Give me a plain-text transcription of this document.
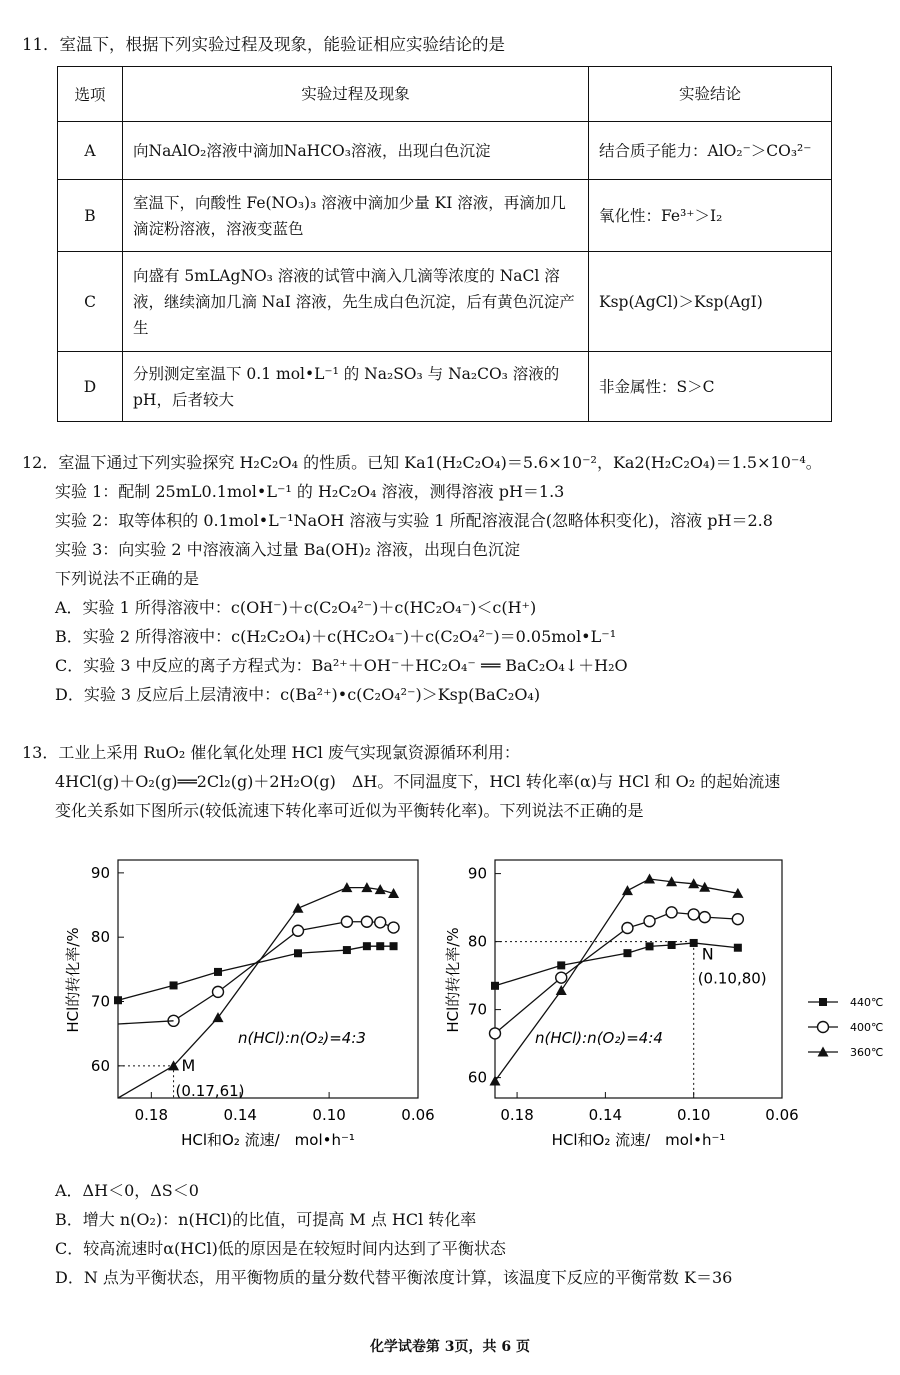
11．室温下，根据下列实验过程及现象，能验证相应实验结论的是
选项	实验过程及现象	实验结论
A	向NaAlO₂溶液中滴加NaHCO₃溶液，出现白色沉淀	结合质子能力：AlO₂⁻＞CO₃²⁻
B	室温下，向酸性 Fe(NO₃)₃ 溶液中滴加少量 KI 溶液，再滴加几滴淀粉溶液，溶液变蓝色	氧化性：Fe³⁺＞I₂
C	向盛有 5mLAgNO₃ 溶液的试管中滴入几滴等浓度的 NaCl 溶液，继续滴加几滴 NaI 溶液，先生成白色沉淀，后有黄色沉淀产生	Ksp(AgCl)＞Ksp(AgI)
D	分别测定室温下 0.1 mol•L⁻¹ 的 Na₂SO₃ 与 Na₂CO₃ 溶液的 pH，后者较大	非金属性：S＞C
12．室温下通过下列实验探究 H₂C₂O₄ 的性质。已知 Ka1(H₂C₂O₄)＝5.6×10⁻²，Ka2(H₂C₂O₄)＝1.5×10⁻⁴。
实验 1：配制 25mL0.1mol•L⁻¹ 的 H₂C₂O₄ 溶液，测得溶液 pH＝1.3
实验 2：取等体积的 0.1mol•L⁻¹NaOH 溶液与实验 1 所配溶液混合(忽略体积变化)，溶液 pH＝2.8
实验 3：向实验 2 中溶液滴入过量 Ba(OH)₂ 溶液，出现白色沉淀
下列说法不正确的是
A．实验 1 所得溶液中：c(OH⁻)＋c(C₂O₄²⁻)＋c(HC₂O₄⁻)＜c(H⁺)
B．实验 2 所得溶液中：c(H₂C₂O₄)＋c(HC₂O₄⁻)＋c(C₂O₄²⁻)＝0.05mol•L⁻¹
C．实验 3 中反应的离子方程式为：Ba²⁺＋OH⁻＋HC₂O₄⁻ ══ BaC₂O₄↓＋H₂O
D．实验 3 反应后上层清液中：c(Ba²⁺)•c(C₂O₄²⁻)＞Ksp(BaC₂O₄)
13．工业上采用 RuO₂ 催化氧化处理 HCl 废气实现氯资源循环利用：
4HCl(g)＋O₂(g)══2Cl₂(g)＋2H₂O(g)　ΔH。不同温度下，HCl 转化率(α)与 HCl 和 O₂ 的起始流速
变化关系如下图所示(较低流速下转化率可近似为平衡转化率)。下列说法不正确的是
60
70
80
90
0.18	0.14	0.10	0.06
HCl的转化率/%
HCl和O₂ 流速/　mol•h⁻¹
n(HCl):n(O₂)=4:3
M
(0.17,61)
60
70
80
90
0.18	0.14	0.10	0.06
HCl的转化率/%
HCl和O₂ 流速/　mol•h⁻¹
n(HCl):n(O₂)=4:4
N
(0.10,80)
440℃
400℃
360℃
A．ΔH＜0，ΔS＜0
B．增大 n(O₂)：n(HCl)的比值，可提高 M 点 HCl 转化率
C．较高流速时α(HCl)低的原因是在较短时间内达到了平衡状态
D．N 点为平衡状态，用平衡物质的量分数代替平衡浓度计算，该温度下反应的平衡常数 K＝36
化学试卷第 3页，共 6 页
